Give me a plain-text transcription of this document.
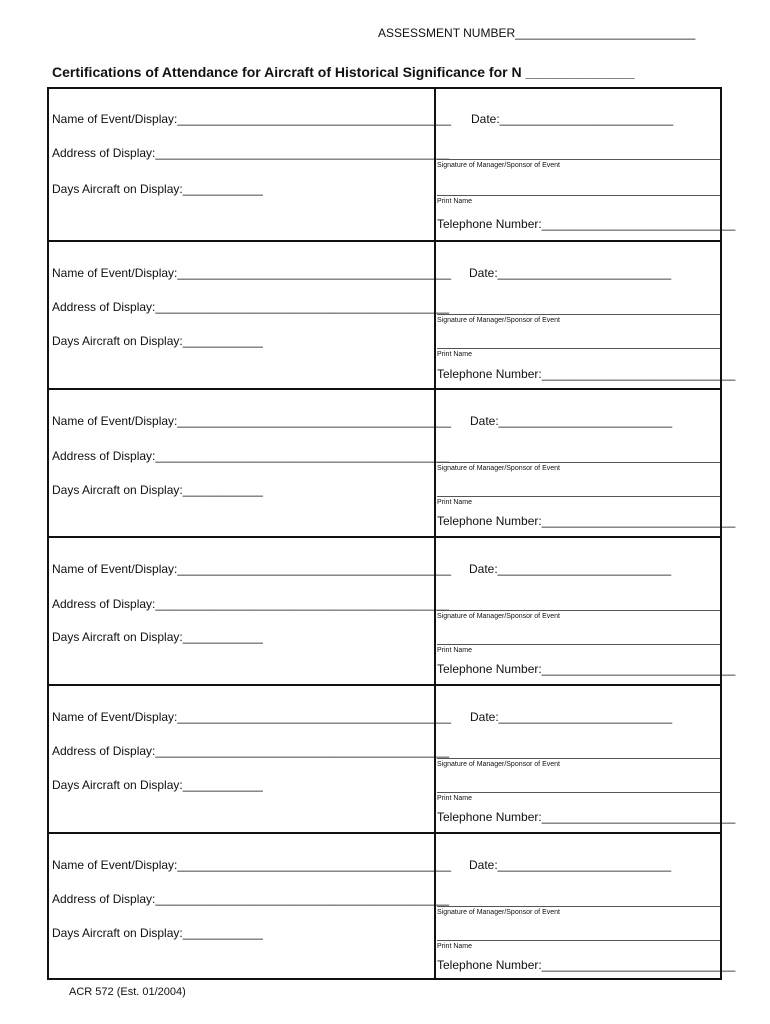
ASSESSMENT NUMBER___________________________
Certifications of Attendance for Aircraft of Historical Significance for N ______________
Name of Event/Display:_________________________________________
Address of Display:____________________________________________
Days Aircraft on Display:____________
Date:__________________________
Signature of Manager/Sponsor of Event
Print Name
Telephone Number:_____________________________
Name of Event/Display:_________________________________________
Address of Display:____________________________________________
Days Aircraft on Display:____________
Date:__________________________
Signature of Manager/Sponsor of Event
Print Name
Telephone Number:_____________________________
Name of Event/Display:_________________________________________
Address of Display:____________________________________________
Days Aircraft on Display:____________
Date:__________________________
Signature of Manager/Sponsor of Event
Print Name
Telephone Number:_____________________________
Name of Event/Display:_________________________________________
Address of Display:____________________________________________
Days Aircraft on Display:____________
Date:__________________________
Signature of Manager/Sponsor of Event
Print Name
Telephone Number:_____________________________
Name of Event/Display:_________________________________________
Address of Display:____________________________________________
Days Aircraft on Display:____________
Date:__________________________
Signature of Manager/Sponsor of Event
Print Name
Telephone Number:_____________________________
Name of Event/Display:_________________________________________
Address of Display:____________________________________________
Days Aircraft on Display:____________
Date:__________________________
Signature of Manager/Sponsor of Event
Print Name
Telephone Number:_____________________________
ACR 572 (Est. 01/2004)
